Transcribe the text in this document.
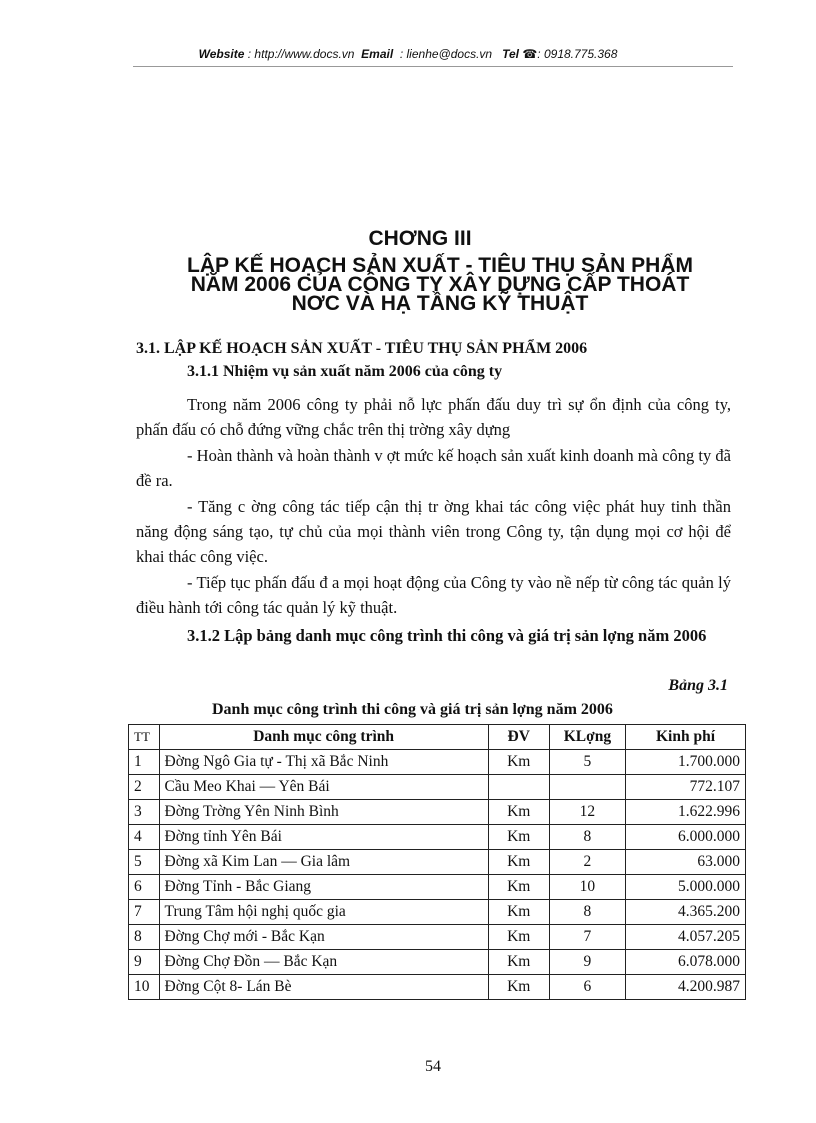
Website : http://www.docs.vn Email : lienhe@docs.vn Tel ☎: 0918.775.368
CHƠNG III
LẬP KẾ HOẠCH SẢN XUẤT - TIÊU THỤ SẢN PHẨM
NĂM 2006 CỦA CÔNG TY XÂY DỰNG CẤP THOÁT
NƠC VÀ HẠ TẦNG KỸ THUẬT
3.1. LẬP KẾ HOẠCH SẢN XUẤT - TIÊU THỤ SẢN PHẨM 2006
3.1.1 Nhiệm vụ sản xuất năm 2006 của công ty

Trong năm 2006 công ty phải nỗ lực phấn đấu duy trì sự ổn định của công ty, phấn đấu có chỗ đứng vững chắc trên thị trờng xây dựng

- Hoàn thành và hoàn thành v ợt mức kế hoạch sản xuất kinh doanh mà công ty đã đề ra.

- Tăng c ờng công tác tiếp cận thị tr ờng khai tác công việc phát huy tinh thần năng động sáng tạo, tự chủ của mọi thành viên trong Công ty, tận dụng mọi cơ hội để khai thác công việc.

- Tiếp tục phấn đấu đ a mọi hoạt động của Công ty vào nề nếp từ công tác quản lý điều hành tới công tác quản lý kỹ thuật.

3.1.2 Lập bảng danh mục công trình thi công và giá trị sản lợng năm 2006

Bảng 3.1
Danh mục công trình thi công và giá trị sản lợng năm 2006
TT	Danh mục công trình	ĐV	KLợng	Kinh phí
1	Đờng Ngô Gia tự - Thị xã Bắc Ninh	Km	5	1.700.000
2	Cầu Meo Khai — Yên Bái			772.107
3	Đờng Trờng Yên Ninh Bình	Km	12	1.622.996
4	Đờng tỉnh Yên Bái	Km	8	6.000.000
5	Đờng xã Kim Lan — Gia lâm	Km	2	63.000
6	Đờng Tỉnh - Bắc Giang	Km	10	5.000.000
7	Trung Tâm hội nghị quốc gia	Km	8	4.365.200
8	Đờng Chợ mới - Bắc Kạn	Km	7	4.057.205
9	Đờng Chợ Đồn — Bắc Kạn	Km	9	6.078.000
10	Đờng Cột 8- Lán Bè	Km	6	4.200.987
54
